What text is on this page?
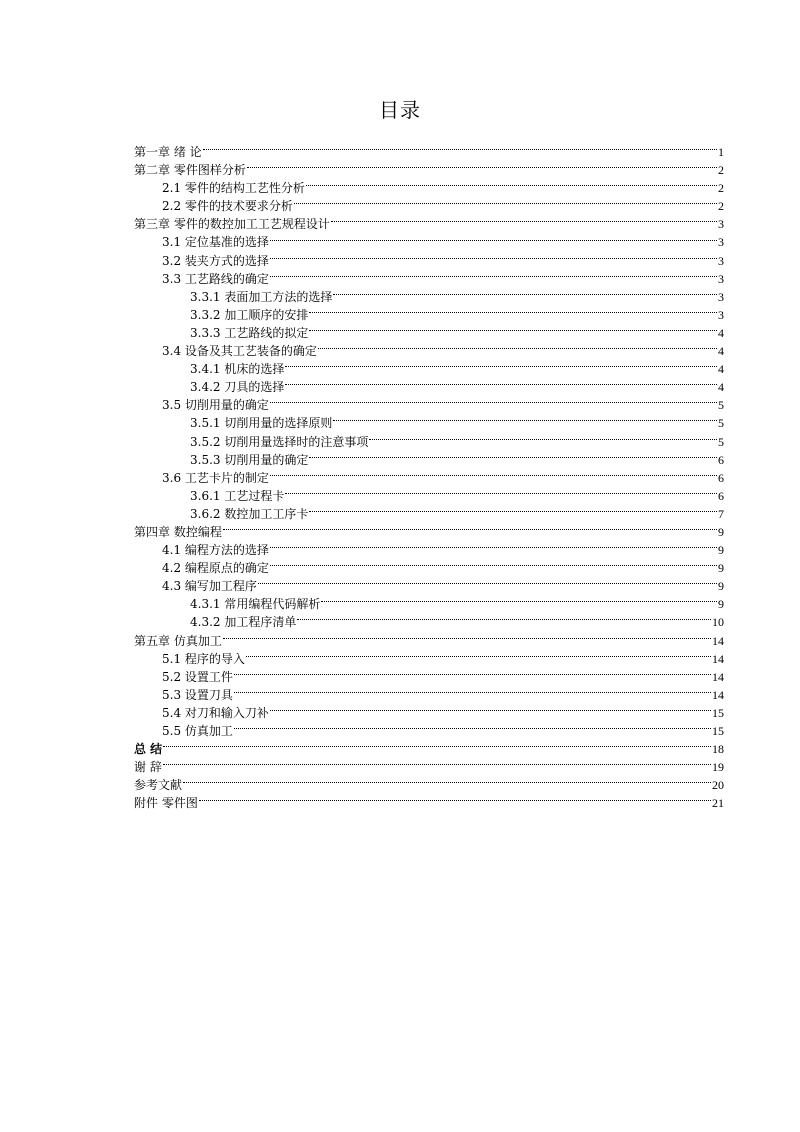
目录
第一章 绪 论	1
第二章 零件图样分析	2
2.1 零件的结构工艺性分析	2
2.2 零件的技术要求分析	2
第三章 零件的数控加工工艺规程设计	3
3.1 定位基准的选择	3
3.2 装夹方式的选择	3
3.3 工艺路线的确定	3
3.3.1 表面加工方法的选择	3
3.3.2 加工顺序的安排	3
3.3.3 工艺路线的拟定	4
3.4 设备及其工艺装备的确定	4
3.4.1 机床的选择	4
3.4.2 刀具的选择	4
3.5 切削用量的确定	5
3.5.1 切削用量的选择原则	5
3.5.2 切削用量选择时的注意事项	5
3.5.3 切削用量的确定	6
3.6 工艺卡片的制定	6
3.6.1 工艺过程卡	6
3.6.2 数控加工工序卡	7
第四章 数控编程	9
4.1 编程方法的选择	9
4.2 编程原点的确定	9
4.3 编写加工程序	9
4.3.1 常用编程代码解析	9
4.3.2 加工程序清单	10
第五章 仿真加工	14
5.1 程序的导入	14
5.2 设置工件	14
5.3 设置刀具	14
5.4 对刀和输入刀补	15
5.5 仿真加工	15
总 结	18
谢 辞	19
参考文献	20
附件 零件图	21
